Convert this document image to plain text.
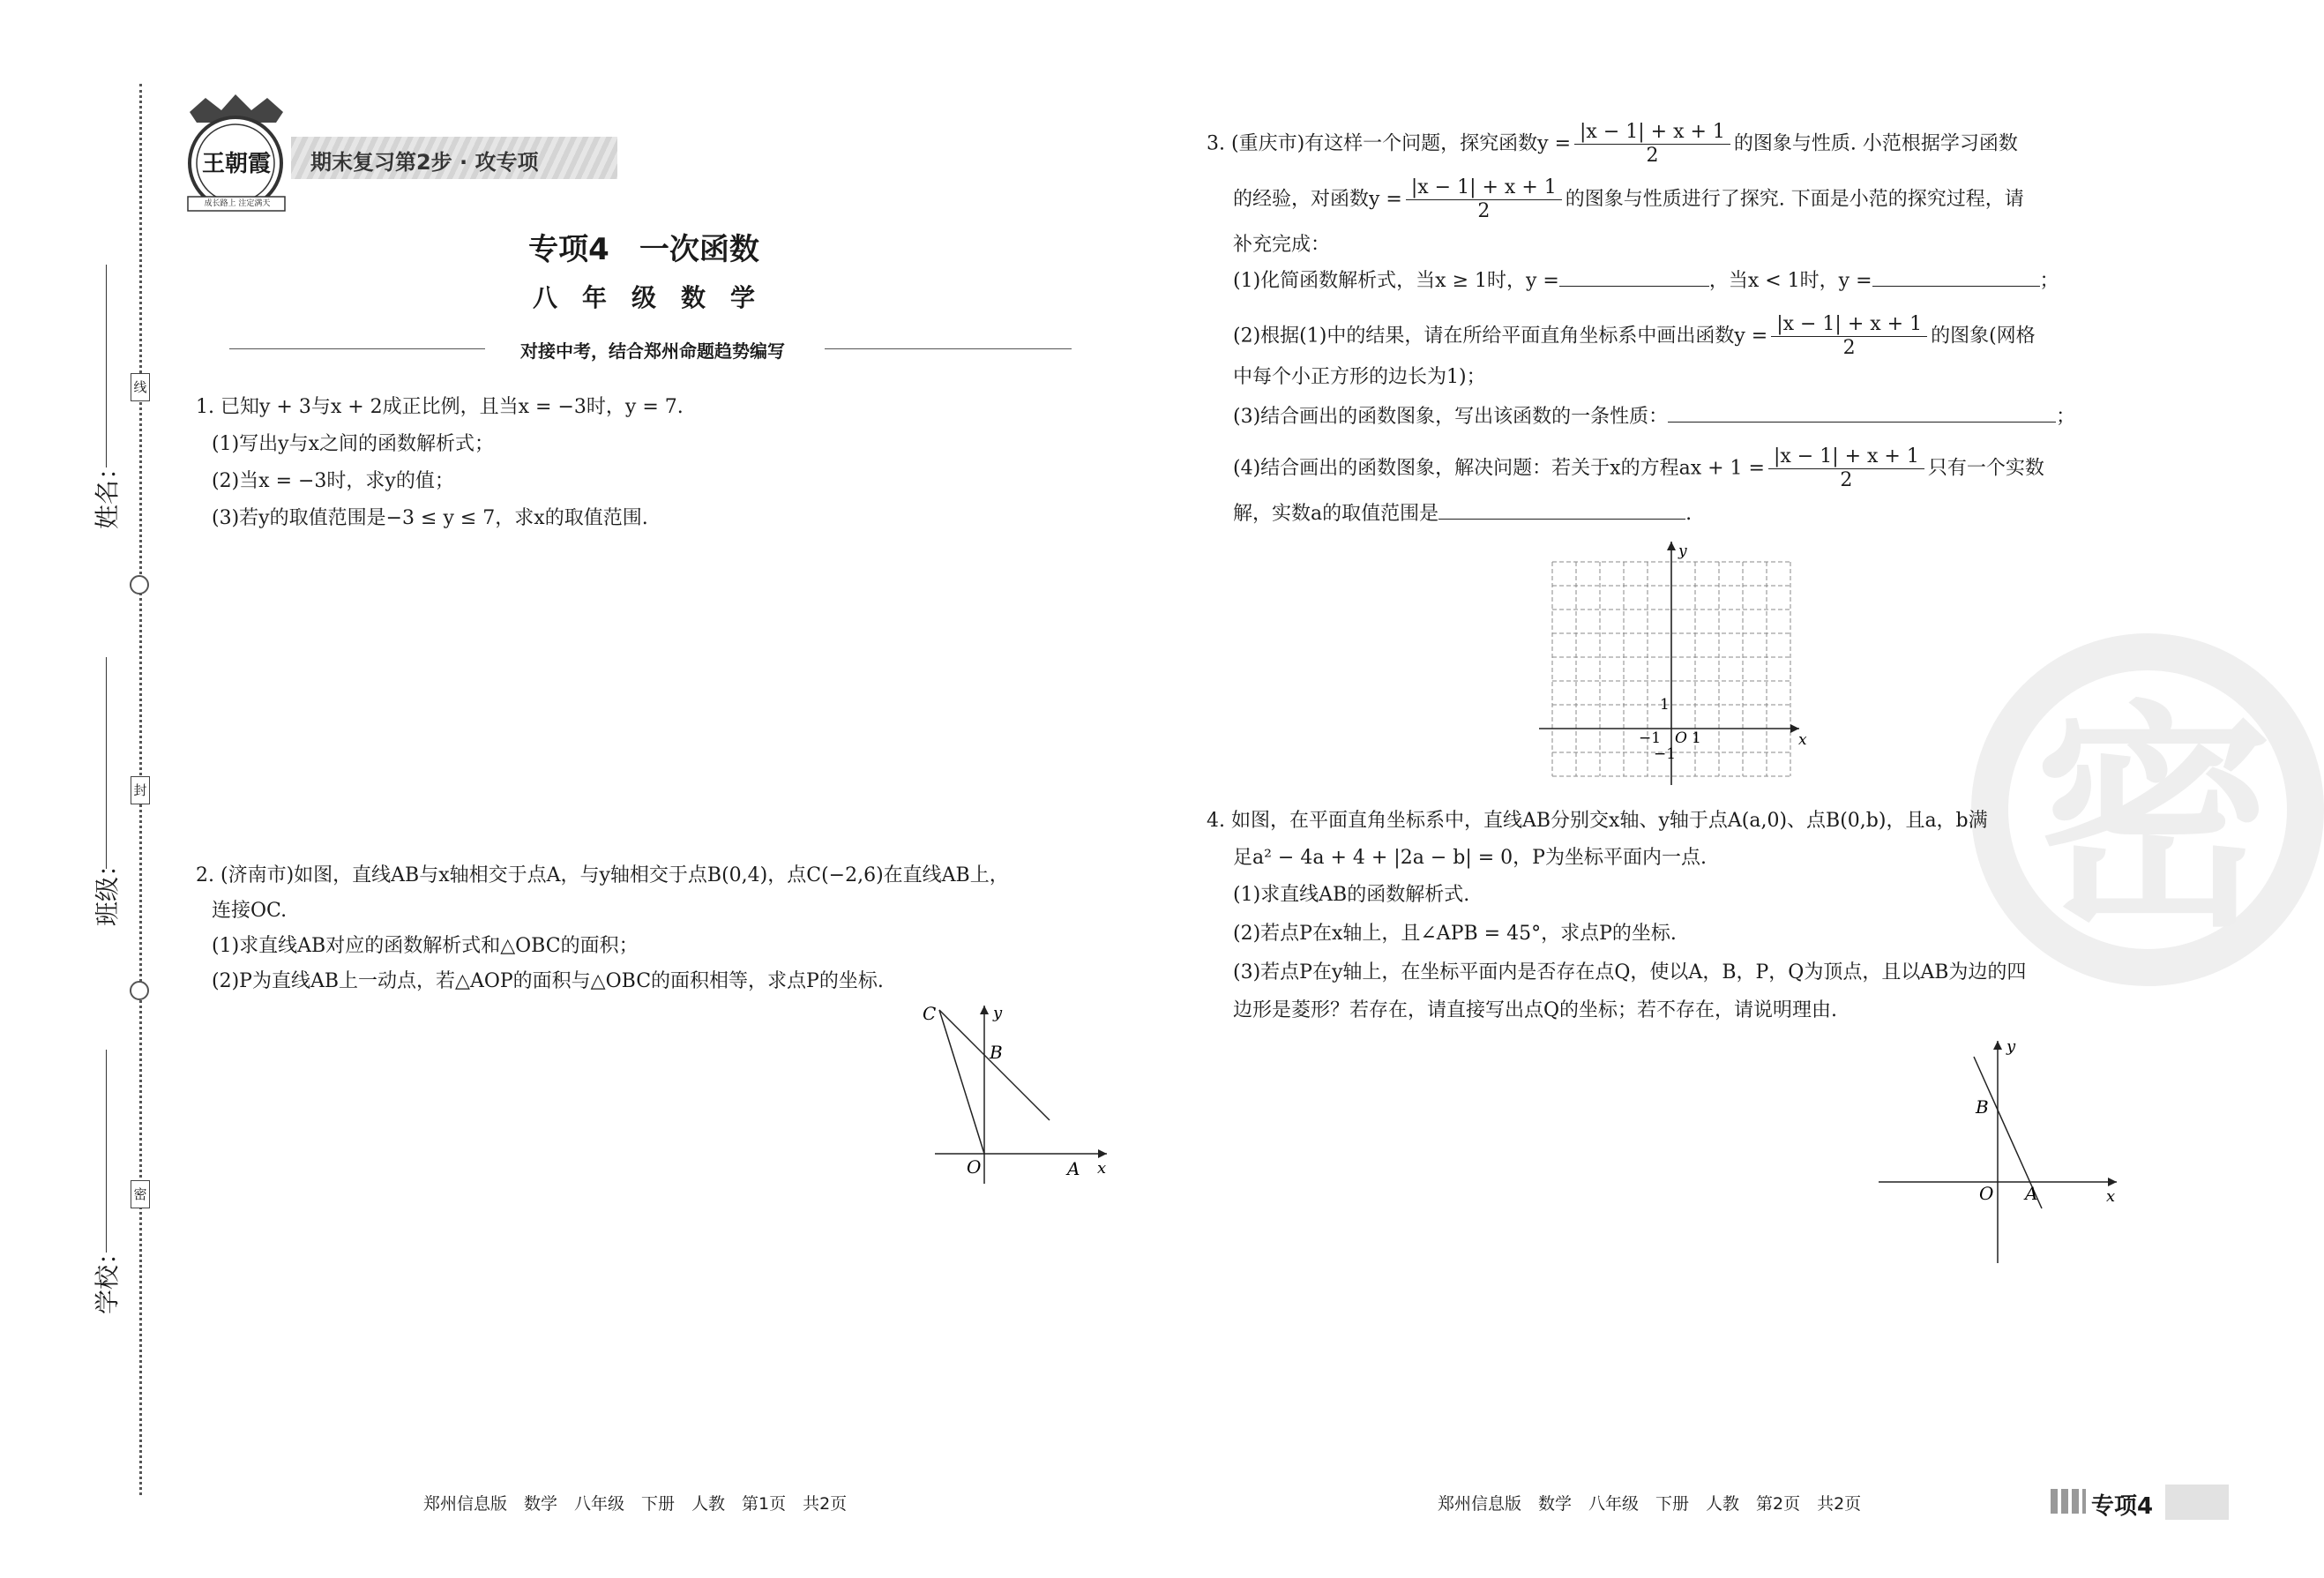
姓名：
班级：
学校：
线
封
密
王朝霞
成长路上 注定满天
期末复习第2步 · 攻专项
专项4　一次函数
八　年　级　数　学
对接中考，结合郑州命题趋势编写
1. 已知y + 3与x + 2成正比例，且当x = −3时，y = 7.
(1)写出y与x之间的函数解析式；
(2)当x = −3时，求y的值；
(3)若y的取值范围是−3 ≤ y ≤ 7，求x的取值范围.
2. (济南市)如图，直线AB与x轴相交于点A，与y轴相交于点B(0,4)，点C(−2,6)在直线AB上，
连接OC.
(1)求直线AB对应的函数解析式和△OBC的面积；
(2)P为直线AB上一动点，若△AOP的面积与△OBC的面积相等，求点P的坐标.
C
B
y
O	A x
郑州信息版　数学　八年级　下册　人教　第1页　共2页
密
3. (重庆市)有这样一个问题，探究函数$y = \frac{|x - 1| + x + 1}{2}$ 的图象与性质. 小范根据学习函数
的经验，对函数$y = \frac{|x - 1| + x + 1}{2}$ 的图象与性质进行了探究. 下面是小范的探究过程，请
补充完成：
(1)化简函数解析式，当x ≥ 1时，y =	，当x < 1时，y =	；
(2)根据(1)中的结果，请在所给平面直角坐标系中画出函数$y = \frac{|x - 1| + x + 1}{2}$ 的图象(网格
中每个小正方形的边长为1)；
(3)结合画出的函数图象，写出该函数的一条性质：	；
(4)结合画出的函数图象，解决问题：若关于x的方程ax + $1 = \frac{|x - 1| + x + 1}{2}$ 只有一个实数
解，实数a的取值范围是	.
y
x
1
−1 O 1
−1
4. 如图，在平面直角坐标系中，直线AB分别交x轴、y轴于点A(a,0)、点B(0,b)，且a，b满
足a² − 4a + 4 + |2a − b| = 0，P为坐标平面内一点.
(1)求直线AB的函数解析式.
(2)若点P在x轴上，且∠APB = 45°，求点P的坐标.
(3)若点P在y轴上，在坐标平面内是否存在点Q，使以A，B，P，Q为顶点，且以AB为边的四
边形是菱形？若存在，请直接写出点Q的坐标；若不存在，请说明理由.
y
B
O A	x
郑州信息版　数学　八年级　下册　人教　第2页　共2页	专项4
